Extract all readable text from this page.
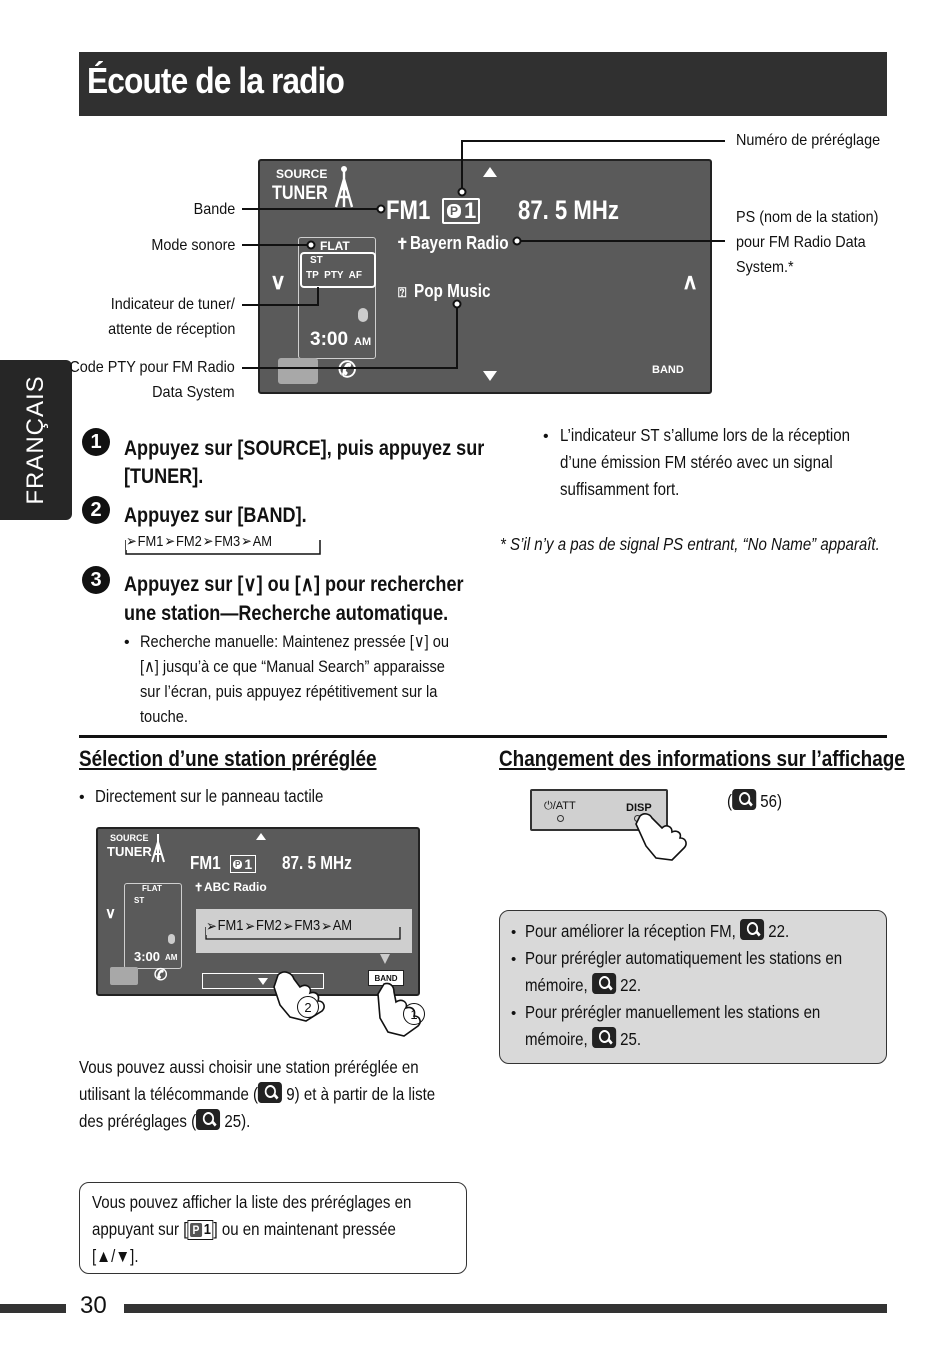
Écoute de la radio
FRANÇAIS
SOURCE
TUNER
FM1 P 1 87. 5 MHz
FLAT
ST
TP  PTY  AF
3:00 AM
∨	∧
✝ Bayern Radio
⍰ Pop Music
✆	BAND
Numéro de préréglage
Bande
Mode sonore
Indicateur de tuner/
attente de réception
Code PTY pour FM Radio
Data System
PS (nom de la station)
pour FM Radio Data
System.*
1	Appuyez sur [SOURCE], puis appuyez sur
[TUNER].
2	Appuyez sur [BAND].
➢ FM1 ➢ FM2 ➢ FM3 ➢ AM
3	Appuyez sur [∨] ou [∧] pour rechercher
une station—Recherche automatique.
• Recherche manuelle: Maintenez pressée [∨] ou
[∧] jusqu’à ce que “Manual Search” apparaisse
sur l’écran, puis appuyez répétitivement sur la
touche.
• L’indicateur ST s’allume lors de la réception
d’une émission FM stéréo avec un signal
suffisamment fort.
* S’il n’y a pas de signal PS entrant, “No Name” apparaît.
Sélection d’une station préréglée
• Directement sur le panneau tactile
SOURCE
TUNER
FM1 P 1 87. 5 MHz
✝ ABC Radio
FLAT
ST
3:00 AM
∨
➢ FM1 ➢ FM2 ➢ FM3 ➢ AM
✆	BAND
2	1
Vous pouvez aussi choisir une station préréglée en
utilisant la télécommande ( 9) et à partir de la liste
des préréglages ( 25).
Vous pouvez afficher la liste des préréglages en
appuyant sur [ P 1 ] ou en maintenant pressée
[▲/▼].
Changement des informations sur l’affichage
⏻/ATT	DISP	( 56)
• Pour améliorer la réception FM,  22.
• Pour prérégler automatiquement les stations en
mémoire,  22.
• Pour prérégler manuellement les stations en
mémoire,  25.
30
